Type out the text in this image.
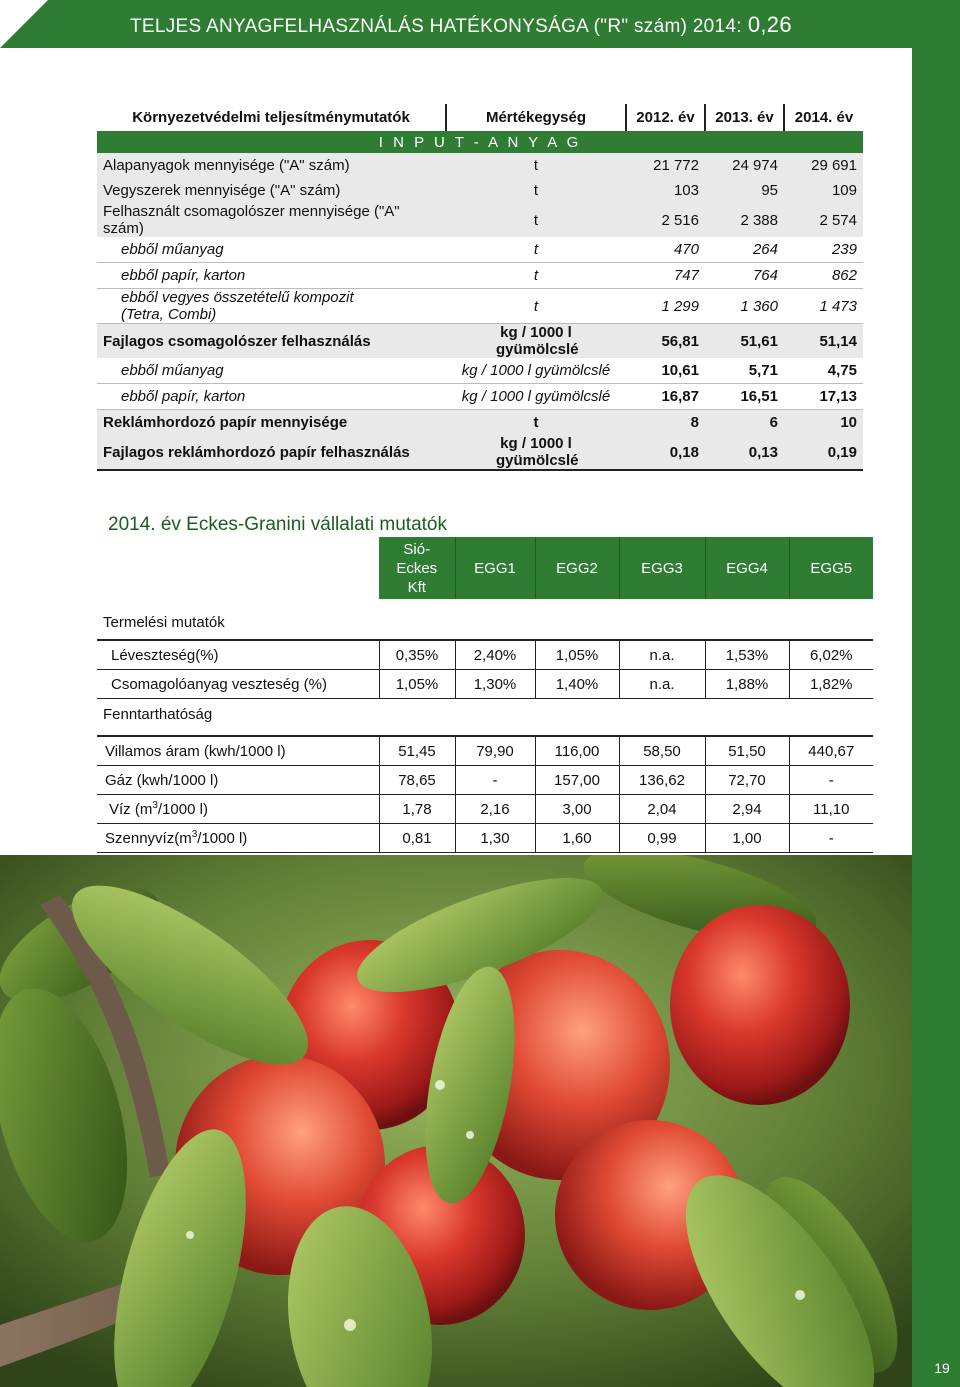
TELJES ANYAGFELHASZNÁLÁS HATÉKONYSÁGA ("R" szám) 2014: 0,26
Környezetvédelmi teljesítménymutatók	Mértékegység	2012. év	2013. év	2014. év
I N P U T - A N Y A G				
Alapanyagok mennyisége ("A" szám)	t	21 772	24 974	29 691
Vegyszerek mennyisége ("A" szám)	t	103	95	109
Felhasznált csomagolószer mennyisége ("A" szám)	t	2 516	2 388	2 574
ebből műanyag	t	470	264	239
ebből papír, karton	t	747	764	862
ebből vegyes összetételű kompozit (Tetra, Combi)	t	1 299	1 360	1 473
Fajlagos csomagolószer felhasználás	kg / 1000 l gyümölcslé	56,81	51,61	51,14
ebből műanyag	kg / 1000 l gyümölcslé	10,61	5,71	4,75
ebből papír, karton	kg / 1000 l gyümölcslé	16,87	16,51	17,13
Reklámhordozó papír mennyisége	t	8	6	10
Fajlagos reklámhordozó papír felhasználás	kg / 1000 l gyümölcslé	0,18	0,13	0,19
2014. év Eckes-Granini vállalati mutatók
	Sió-Eckes Kft	EGG1	EGG2	EGG3	EGG4	EGG5
Termelési mutatók						

Léveszteség(%)	0,35%	2,40%	1,05%	n.a.	1,53%	6,02%
Csomagolóanyag veszteség (%)	1,05%	1,30%	1,40%	n.a.	1,88%	1,82%
Fenntarthatóság						

Villamos áram (kwh/1000 l)	51,45	79,90	116,00	58,50	51,50	440,67
Gáz (kwh/1000 l)	78,65	-	157,00	136,62	72,70	-
Víz ($m^3/1000$ l)	1,78	2,16	3,00	2,04	2,94	11,10
$Szennyvíz(m^3/1000$ l)	0,81	1,30	1,60	0,99	1,00	-
19
